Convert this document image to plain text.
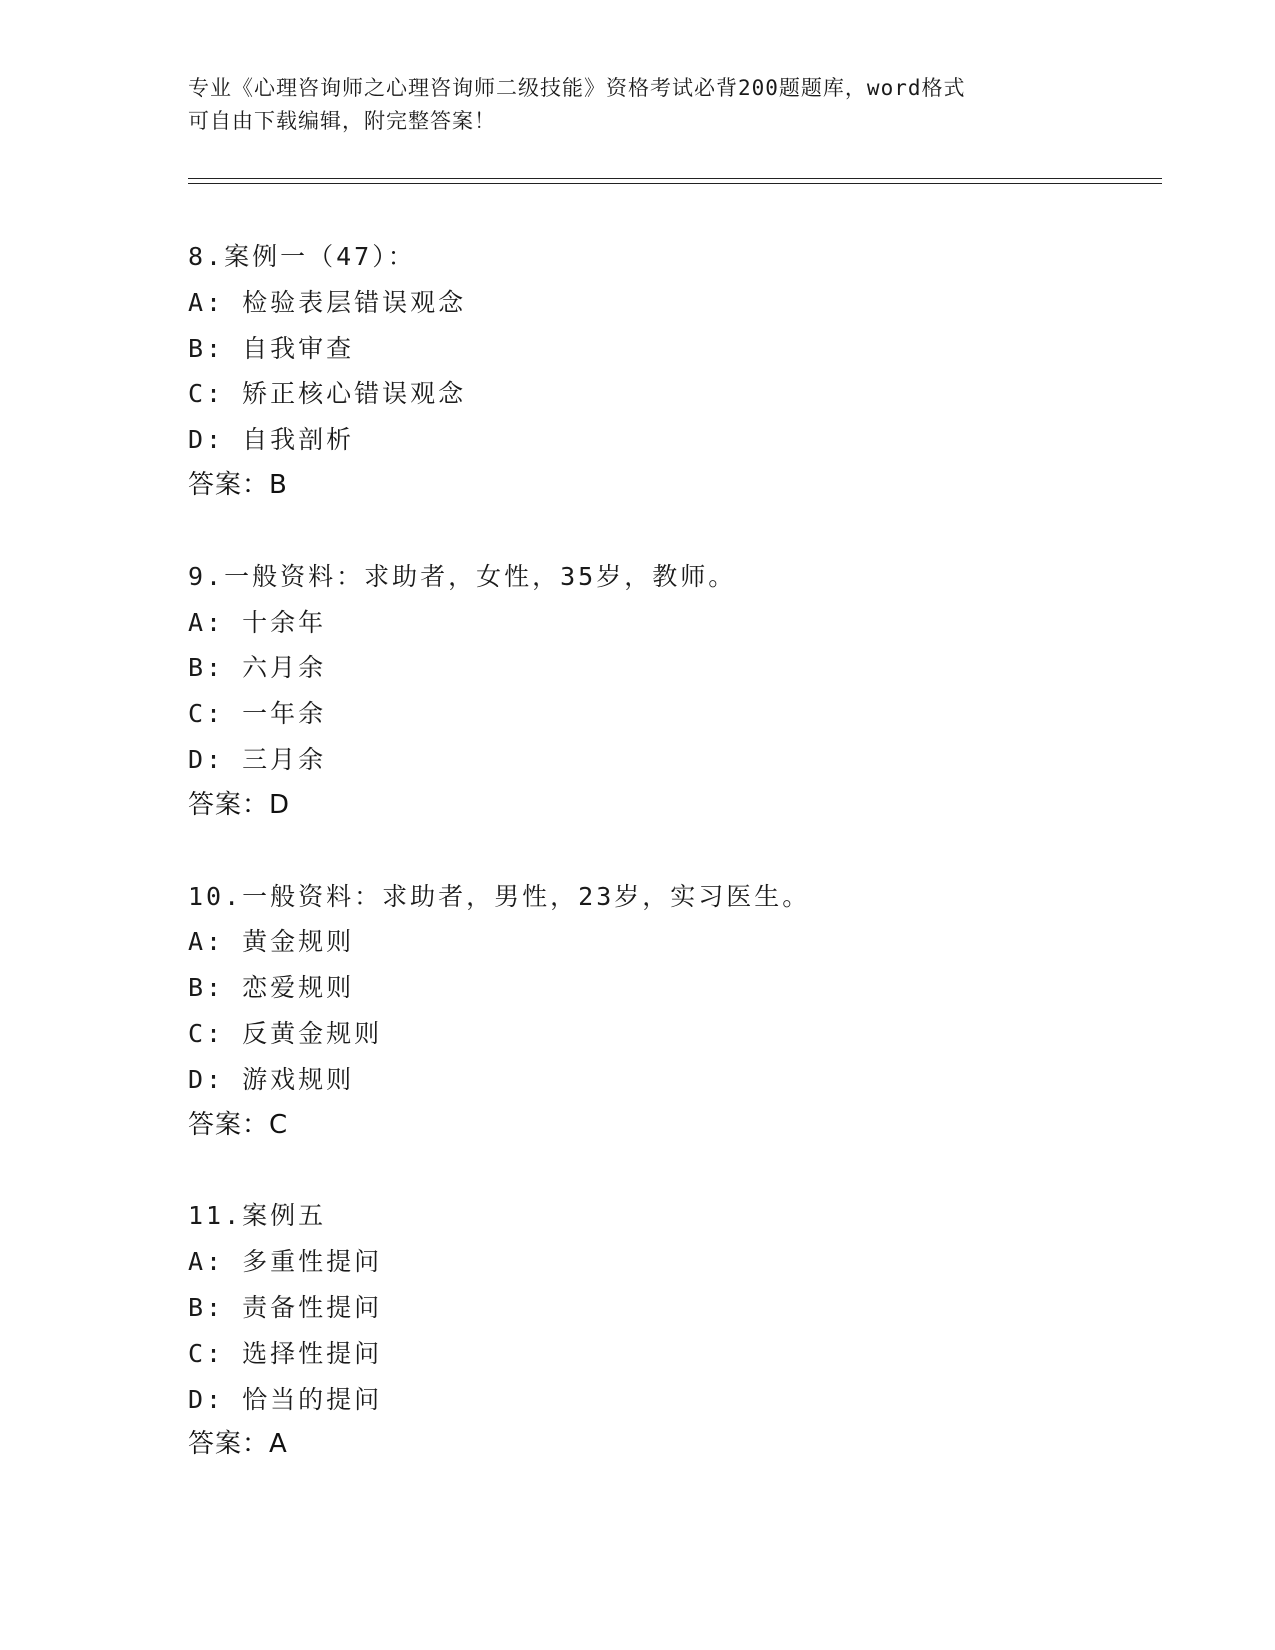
专业《心理咨询师之心理咨询师二级技能》资格考试必背200题题库，word格式
可自由下载编辑，附完整答案！
8.案例一（47）：
A: 检验表层错误观念
B: 自我审查
C: 矫正核心错误观念
D: 自我剖析
答案：B
9.一般资料：求助者，女性，35岁，教师。
A: 十余年
B: 六月余
C: 一年余
D: 三月余
答案：D
10.一般资料：求助者，男性，23岁，实习医生。
A: 黄金规则
B: 恋爱规则
C: 反黄金规则
D: 游戏规则
答案：C
11.案例五
A: 多重性提问
B: 责备性提问
C: 选择性提问
D: 恰当的提问
答案：A
